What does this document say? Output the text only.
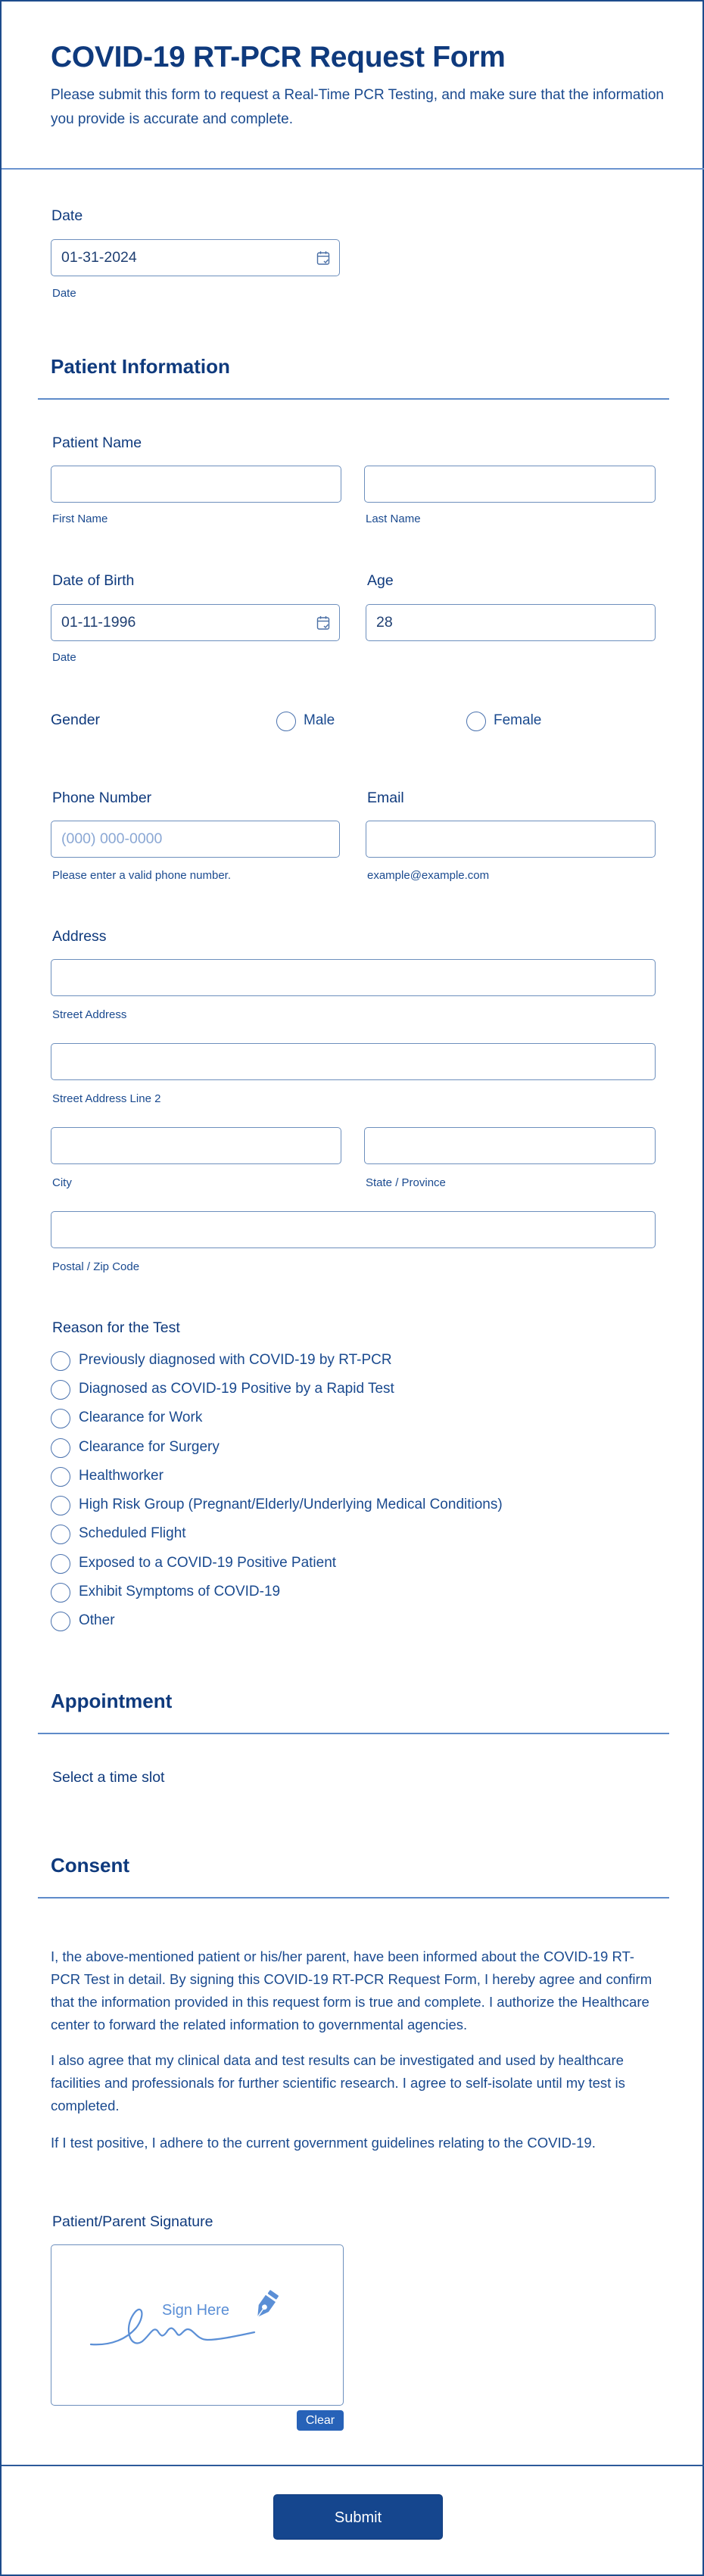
COVID-19 RT-PCR Request Form
Please submit this form to request a Real-Time PCR Testing, and make sure that the information you provide is accurate and complete.
Date
01-31-2024
Date
Patient Information
Patient Name
First Name	Last Name
Date of Birth	Age
01-11-1996	28
Date
Gender	Male	Female
Phone Number	Email
(000) 000-0000
Please enter a valid phone number.	example@example.com
Address
Street Address
Street Address Line 2
City	State / Province
Postal / Zip Code
Reason for the Test
Previously diagnosed with COVID-19 by RT-PCR
Diagnosed as COVID-19 Positive by a Rapid Test
Clearance for Work
Clearance for Surgery
Healthworker
High Risk Group (Pregnant/Elderly/Underlying Medical Conditions)
Scheduled Flight
Exposed to a COVID-19 Positive Patient
Exhibit Symptoms of COVID-19
Other
Appointment
Select a time slot
Consent
I, the above-mentioned patient or his/her parent, have been informed about the COVID-19 RT-PCR Test in detail. By signing this COVID-19 RT-PCR Request Form, I hereby agree and confirm that the information provided in this request form is true and complete. I authorize the Healthcare center to forward the related information to governmental agencies.
I also agree that my clinical data and test results can be investigated and used by healthcare facilities and professionals for further scientific research. I agree to self-isolate until my test is completed.
If I test positive, I adhere to the current government guidelines relating to the COVID-19.
Patient/Parent Signature
Sign Here
Clear
Submit
